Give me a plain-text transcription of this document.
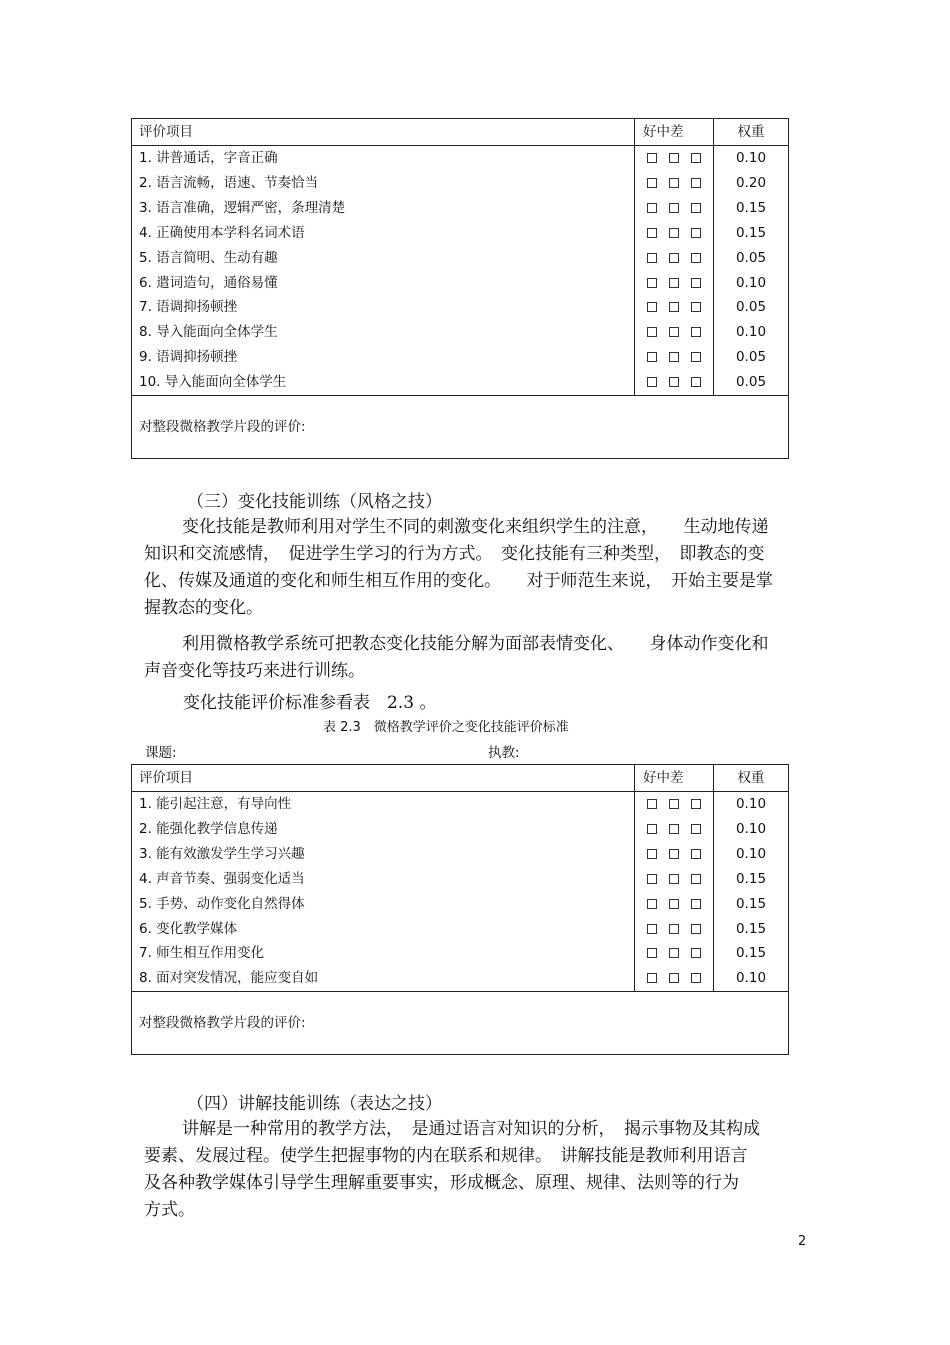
评价项目	好中差	权重
1. 讲普通话，字音正确		0.10
2. 语言流畅，语速、节奏恰当		0.20
3. 语言准确，逻辑严密，条理清楚		0.15
4. 正确使用本学科名词术语		0.15
5. 语言简明、生动有趣		0.05
6. 遣词造句，通俗易懂		0.10
7. 语调抑扬顿挫		0.05
8. 导入能面向全体学生		0.10
9. 语调抑扬顿挫		0.05
10. 导入能面向全体学生		0.05
对整段微格教学片段的评价:		
（三）变化技能训练（风格之技）
变化技能是教师利用对学生不同的刺激变化来组织学生的注意，　　生动地传递
知识和交流感情，　促进学生学习的行为方式。　变化技能有三种类型，　即教态的变
化、传媒及通道的变化和师生相互作用的变化。　　对于师范生来说，　开始主要是掌
握教态的变化。
利用微格教学系统可把教态变化技能分解为面部表情变化、　　身体动作变化和
声音变化等技巧来进行训练。
变化技能评价标准参看表　2.3 。
表 2.3　微格教学评价之变化技能评价标准
课题:	执教:
评价项目	好中差	权重
1. 能引起注意，有导向性		0.10
2. 能强化教学信息传递		0.10
3. 能有效激发学生学习兴趣		0.10
4. 声音节奏、强弱变化适当		0.15
5. 手势、动作变化自然得体		0.15
6. 变化教学媒体		0.15
7. 师生相互作用变化		0.15
8. 面对突发情况，能应变自如		0.10
对整段微格教学片段的评价:		
（四）讲解技能训练（表达之技）
讲解是一种常用的教学方法，　是通过语言对知识的分析，　揭示事物及其构成
要素、发展过程。使学生把握事物的内在联系和规律。　讲解技能是教师利用语言
及各种教学媒体引导学生理解重要事实，形成概念、原理、规律、法则等的行为
方式。
2
